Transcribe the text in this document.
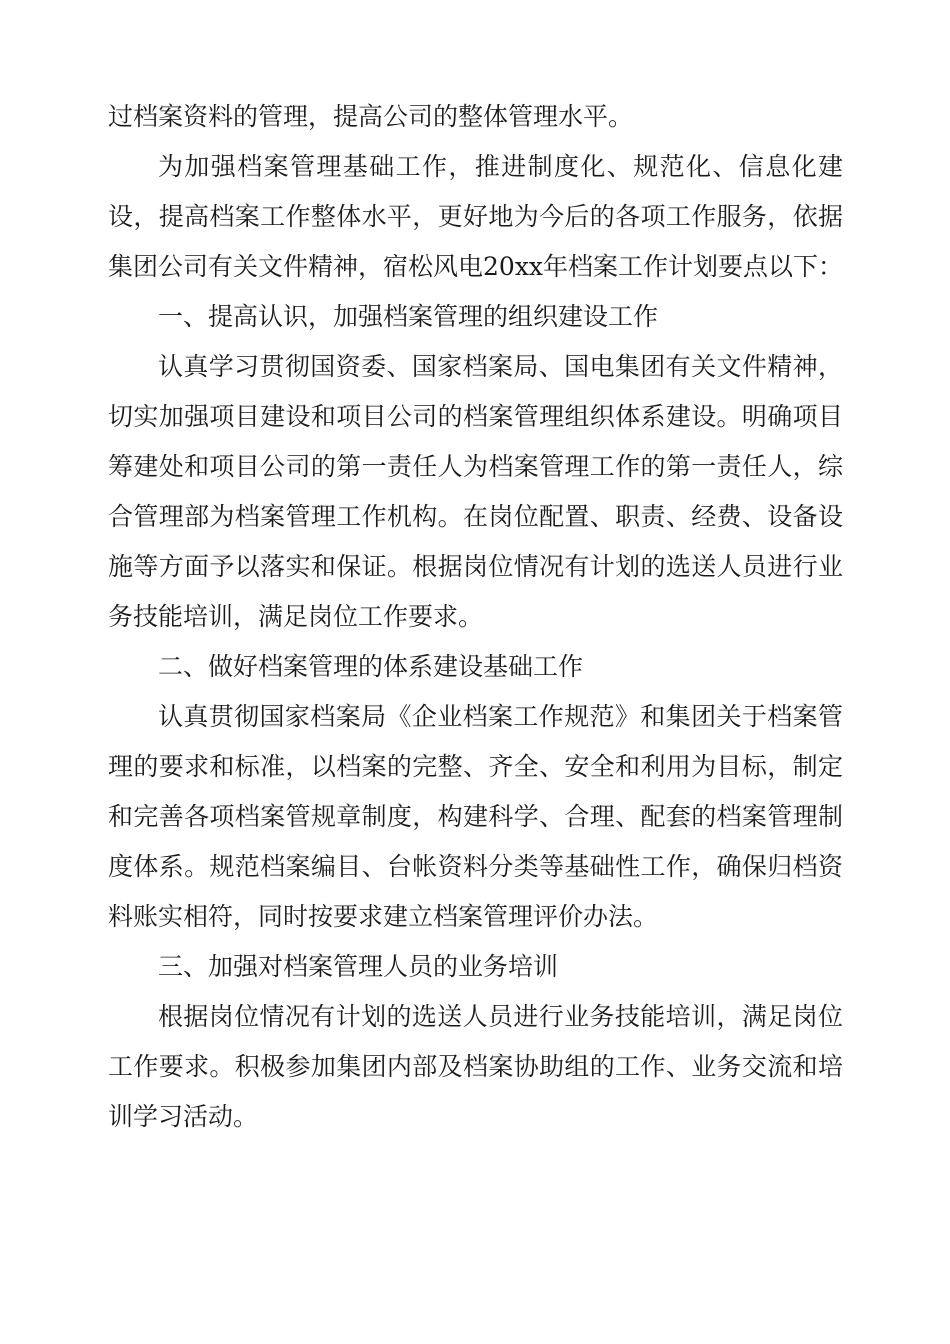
过档案资料的管理，提高公司的整体管理水平。

为加强档案管理基础工作，推进制度化、规范化、信息化建设，提高档案工作整体水平，更好地为今后的各项工作服务，依据集团公司有关文件精神，宿松风电20xx年档案工作计划要点以下：

一、提高认识，加强档案管理的组织建设工作

认真学习贯彻国资委、国家档案局、国电集团有关文件精神，切实加强项目建设和项目公司的档案管理组织体系建设。明确项目筹建处和项目公司的第一责任人为档案管理工作的第一责任人，综合管理部为档案管理工作机构。在岗位配置、职责、经费、设备设施等方面予以落实和保证。根据岗位情况有计划的选送人员进行业务技能培训，满足岗位工作要求。

二、做好档案管理的体系建设基础工作

认真贯彻国家档案局《企业档案工作规范》和集团关于档案管理的要求和标准，以档案的完整、齐全、安全和利用为目标，制定和完善各项档案管规章制度，构建科学、合理、配套的档案管理制度体系。规范档案编目、台帐资料分类等基础性工作，确保归档资料账实相符，同时按要求建立档案管理评价办法。

三、加强对档案管理人员的业务培训

根据岗位情况有计划的选送人员进行业务技能培训，满足岗位工作要求。积极参加集团内部及档案协助组的工作、业务交流和培训学习活动。
